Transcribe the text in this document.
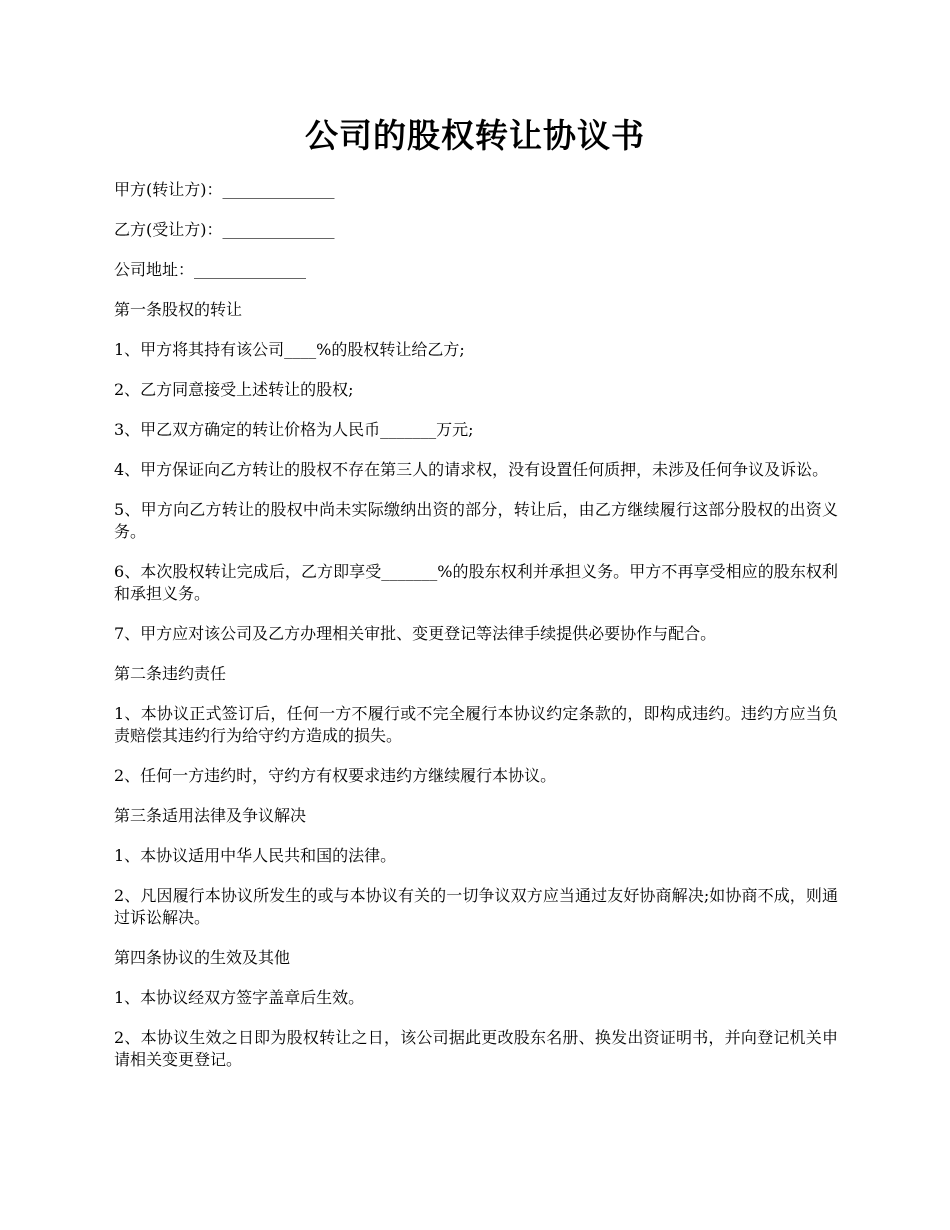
公司的股权转让协议书

甲方(转让方)：______________

乙方(受让方)：______________

公司地址：______________

第一条股权的转让

1、甲方将其持有该公司____%的股权转让给乙方;

2、乙方同意接受上述转让的股权;

3、甲乙双方确定的转让价格为人民币_______万元;

4、甲方保证向乙方转让的股权不存在第三人的请求权，没有设置任何质押，未涉及任何争议及诉讼。

5、甲方向乙方转让的股权中尚未实际缴纳出资的部分，转让后，由乙方继续履行这部分股权的出资义务。

6、本次股权转让完成后，乙方即享受_______%的股东权利并承担义务。甲方不再享受相应的股东权利和承担义务。

7、甲方应对该公司及乙方办理相关审批、变更登记等法律手续提供必要协作与配合。

第二条违约责任

1、本协议正式签订后，任何一方不履行或不完全履行本协议约定条款的，即构成违约。违约方应当负责赔偿其违约行为给守约方造成的损失。

2、任何一方违约时，守约方有权要求违约方继续履行本协议。

第三条适用法律及争议解决

1、本协议适用中华人民共和国的法律。

2、凡因履行本协议所发生的或与本协议有关的一切争议双方应当通过友好协商解决;如协商不成，则通过诉讼解决。

第四条协议的生效及其他

1、本协议经双方签字盖章后生效。

2、本协议生效之日即为股权转让之日，该公司据此更改股东名册、换发出资证明书，并向登记机关申请相关变更登记。
